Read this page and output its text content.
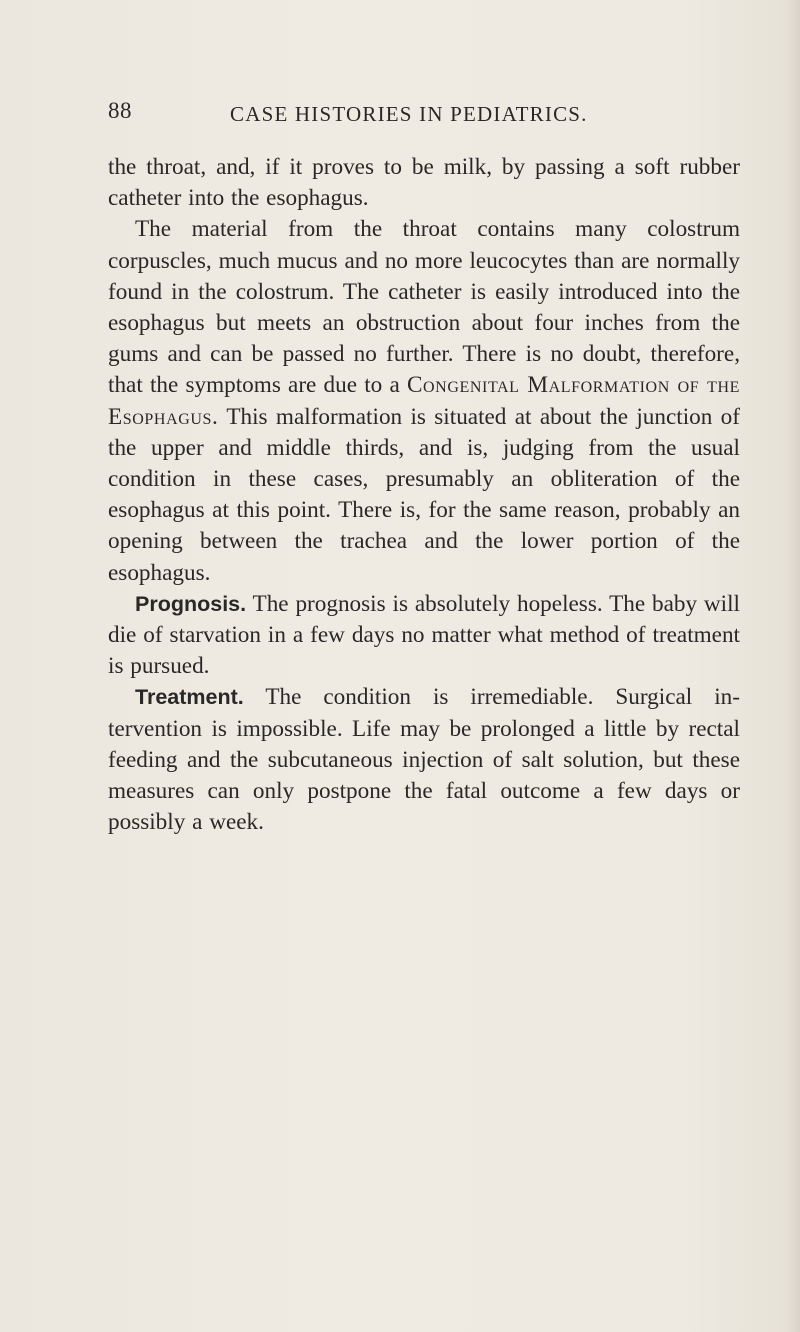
88	CASE HISTORIES IN PEDIATRICS.

the throat, and, if it proves to be milk, by passing a soft rubber catheter into the esophagus.

The material from the throat contains many colostrum corpuscles, much mucus and no more leucocytes than are normally found in the colostrum. The catheter is easily introduced into the esophagus but meets an obstruction about four inches from the gums and can be passed no further. There is no doubt, therefore, that the symptoms are due to a Congenital Malformation of the Esophagus. This malformation is situated at about the junction of the upper and middle thirds, and is, judging from the usual condition in these cases, presumably an obliteration of the esophagus at this point. There is, for the same reason, probably an opening between the trachea and the lower portion of the esophagus.

Prognosis. The prognosis is absolutely hopeless. The baby will die of starvation in a few days no matter what method of treatment is pursued.

Treatment. The condition is irremediable. Surgical in- tervention is impossible. Life may be prolonged a little by rectal feeding and the subcutaneous injection of salt solution, but these measures can only postpone the fatal outcome a few days or possibly a week.
